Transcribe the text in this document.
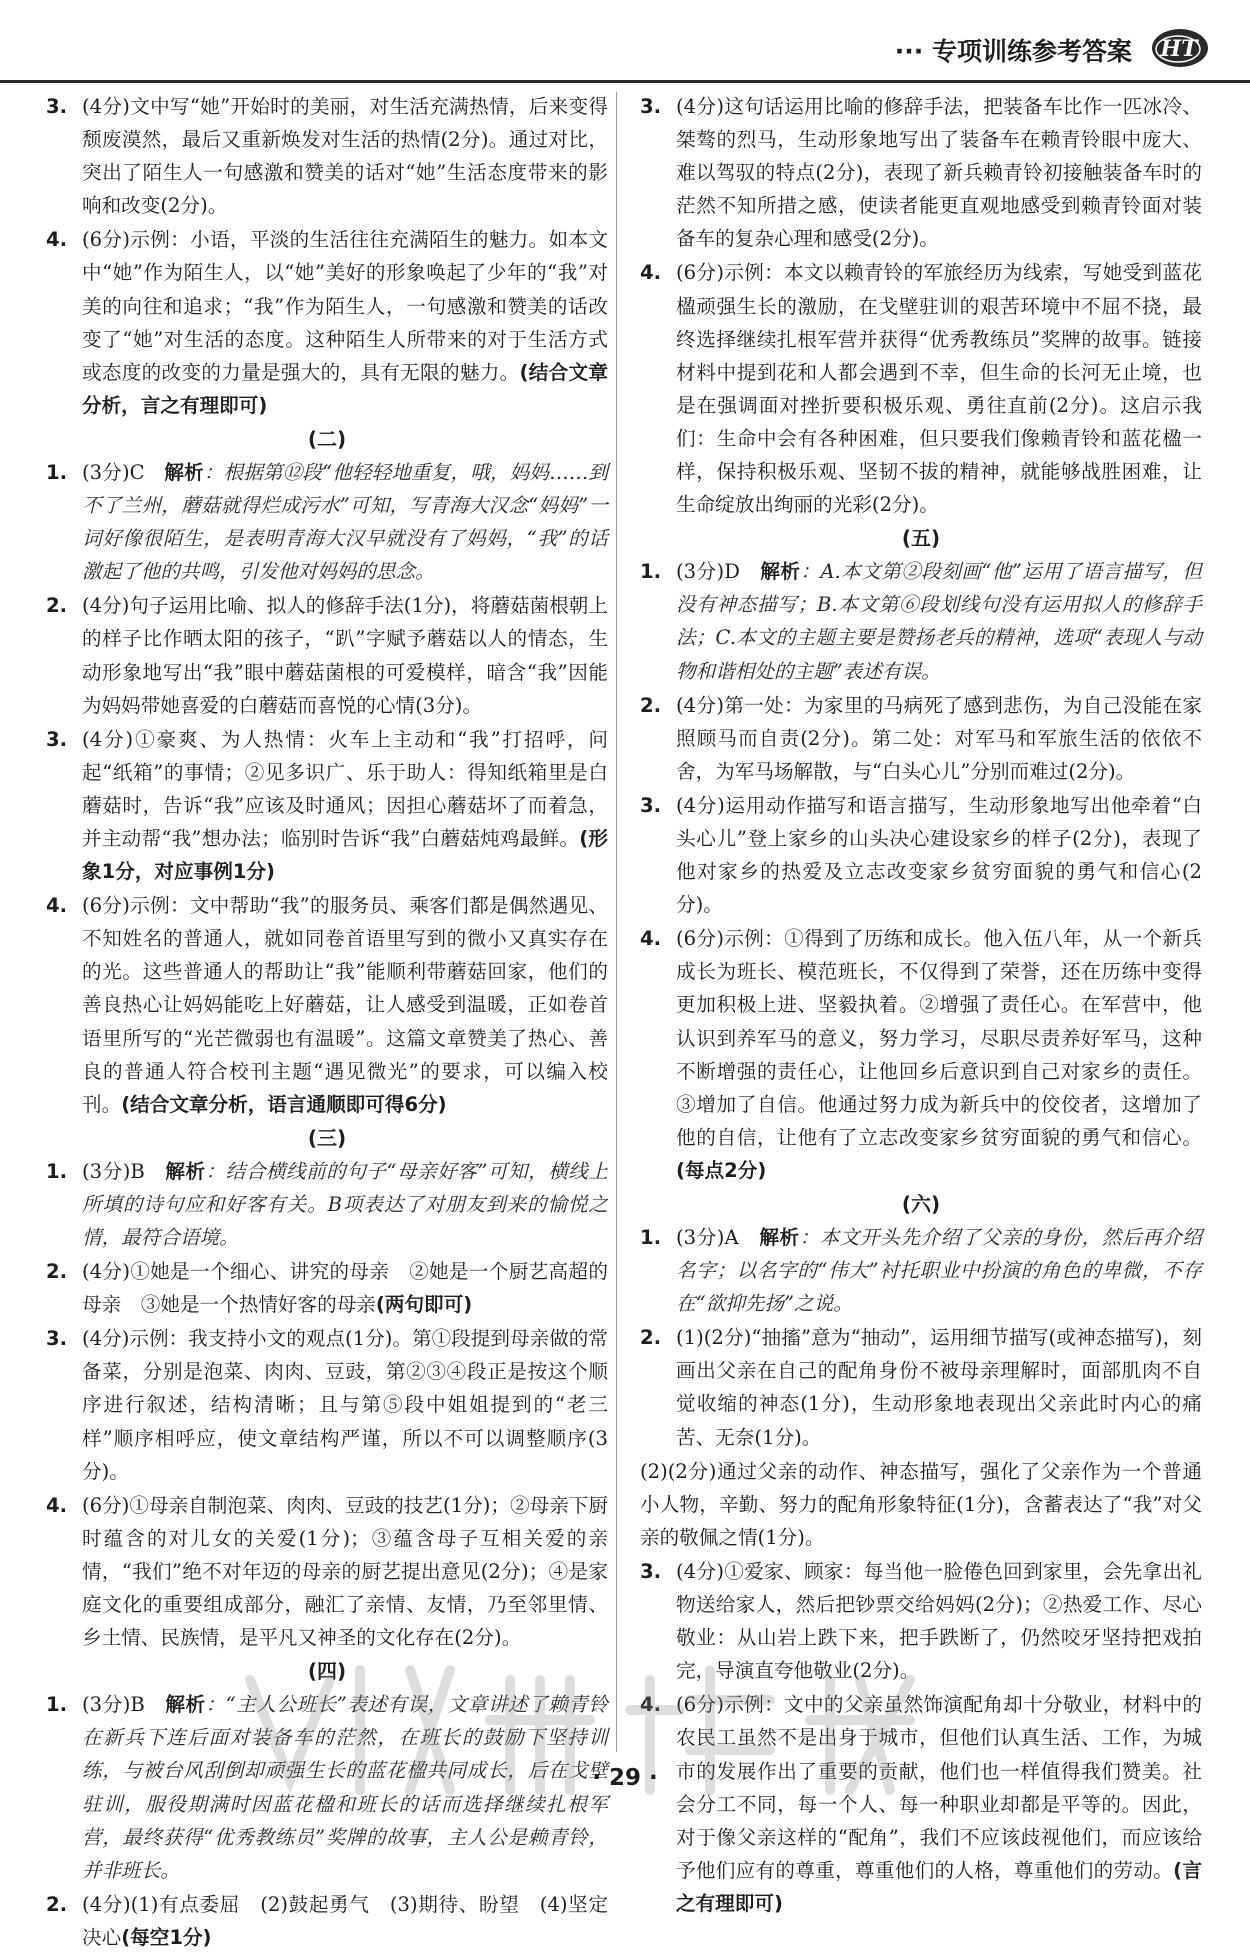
··· 专项训练参考答案 HT
3. (4分)文中写“她”开始时的美丽，对生活充满热情，后来变得颓废漠然，最后又重新焕发对生活的热情(2分)。通过对比，突出了陌生人一句感激和赞美的话对“她”生活态度带来的影响和改变(2分)。
4. (6分)示例：小语，平淡的生活往往充满陌生的魅力。如本文中“她”作为陌生人，以“她”美好的形象唤起了少年的“我”对美的向往和追求；“我”作为陌生人，一句感激和赞美的话改变了“她”对生活的态度。这种陌生人所带来的对于生活方式或态度的改变的力量是强大的，具有无限的魅力。(结合文章分析，言之有理即可)
(二)
1. (3分)C　解析：根据第⑫段“他轻轻地重复，哦，妈妈……到不了兰州，蘑菇就得烂成污水”可知，写青海大汉念“妈妈”一词好像很陌生，是表明青海大汉早就没有了妈妈，“我”的话激起了他的共鸣，引发他对妈妈的思念。
2. (4分)句子运用比喻、拟人的修辞手法(1分)，将蘑菇菌根朝上的样子比作晒太阳的孩子，“趴”字赋予蘑菇以人的情态，生动形象地写出“我”眼中蘑菇菌根的可爱模样，暗含“我”因能为妈妈带她喜爱的白蘑菇而喜悦的心情(3分)。
3. (4分)①豪爽、为人热情：火车上主动和“我”打招呼，问起“纸箱”的事情；②见多识广、乐于助人：得知纸箱里是白蘑菇时，告诉“我”应该及时通风；因担心蘑菇坏了而着急，并主动帮“我”想办法；临别时告诉“我”白蘑菇炖鸡最鲜。(形象1分，对应事例1分)
4. (6分)示例：文中帮助“我”的服务员、乘客们都是偶然遇见、不知姓名的普通人，就如同卷首语里写到的微小又真实存在的光。这些普通人的帮助让“我”能顺利带蘑菇回家，他们的善良热心让妈妈能吃上好蘑菇，让人感受到温暖，正如卷首语里所写的“光芒微弱也有温暖”。这篇文章赞美了热心、善良的普通人符合校刊主题“遇见微光”的要求，可以编入校刊。(结合文章分析，语言通顺即可得6分)
(三)
1. (3分)B　解析：结合横线前的句子“母亲好客”可知，横线上所填的诗句应和好客有关。B项表达了对朋友到来的愉悦之情，最符合语境。
2. (4分)①她是一个细心、讲究的母亲　②她是一个厨艺高超的母亲　③她是一个热情好客的母亲(两句即可)
3. (4分)示例：我支持小文的观点(1分)。第①段提到母亲做的常备菜，分别是泡菜、肉肉、豆豉，第②③④段正是按这个顺序进行叙述，结构清晰；且与第⑤段中姐姐提到的“老三样”顺序相呼应，使文章结构严谨，所以不可以调整顺序(3分)。
4. (6分)①母亲自制泡菜、肉肉、豆豉的技艺(1分)；②母亲下厨时蕴含的对儿女的关爱(1分)；③蕴含母子互相关爱的亲情，“我们”绝不对年迈的母亲的厨艺提出意见(2分)；④是家庭文化的重要组成部分，融汇了亲情、友情，乃至邻里情、乡土情、民族情，是平凡又神圣的文化存在(2分)。
(四)
1. (3分)B　解析：“主人公班长”表述有误，文章讲述了赖青铃在新兵下连后面对装备车的茫然，在班长的鼓励下坚持训练，与被台风刮倒却顽强生长的蓝花楹共同成长，后在戈壁驻训，服役期满时因蓝花楹和班长的话而选择继续扎根军营，最终获得“优秀教练员”奖牌的故事，主人公是赖青铃，并非班长。
2. (4分)(1)有点委屈　(2)鼓起勇气　(3)期待、盼望　(4)坚定决心(每空1分)
3. (4分)这句话运用比喻的修辞手法，把装备车比作一匹冰冷、桀骜的烈马，生动形象地写出了装备车在赖青铃眼中庞大、难以驾驭的特点(2分)，表现了新兵赖青铃初接触装备车时的茫然不知所措之感，使读者能更直观地感受到赖青铃面对装备车的复杂心理和感受(2分)。
4. (6分)示例：本文以赖青铃的军旅经历为线索，写她受到蓝花楹顽强生长的激励，在戈壁驻训的艰苦环境中不屈不挠，最终选择继续扎根军营并获得“优秀教练员”奖牌的故事。链接材料中提到花和人都会遇到不幸，但生命的长河无止境，也是在强调面对挫折要积极乐观、勇往直前(2分)。这启示我们：生命中会有各种困难，但只要我们像赖青铃和蓝花楹一样，保持积极乐观、坚韧不拔的精神，就能够战胜困难，让生命绽放出绚丽的光彩(2分)。
(五)
1. (3分)D　解析：A.本文第②段刻画“他”运用了语言描写，但没有神态描写；B.本文第⑥段划线句没有运用拟人的修辞手法；C.本文的主题主要是赞扬老兵的精神，选项“表现人与动物和谐相处的主题”表述有误。
2. (4分)第一处：为家里的马病死了感到悲伤，为自己没能在家照顾马而自责(2分)。第二处：对军马和军旅生活的依依不舍，为军马场解散，与“白头心儿”分别而难过(2分)。
3. (4分)运用动作描写和语言描写，生动形象地写出他牵着“白头心儿”登上家乡的山头决心建设家乡的样子(2分)，表现了他对家乡的热爱及立志改变家乡贫穷面貌的勇气和信心(2分)。
4. (6分)示例：①得到了历练和成长。他入伍八年，从一个新兵成长为班长、模范班长，不仅得到了荣誉，还在历练中变得更加积极上进、坚毅执着。②增强了责任心。在军营中，他认识到养军马的意义，努力学习，尽职尽责养好军马，这种不断增强的责任心，让他回乡后意识到自己对家乡的责任。③增加了自信。他通过努力成为新兵中的佼佼者，这增加了他的自信，让他有了立志改变家乡贫穷面貌的勇气和信心。(每点2分)
(六)
1. (3分)A　解析：本文开头先介绍了父亲的身份，然后再介绍名字；以名字的“伟大”衬托职业中扮演的角色的卑微，不存在“欲抑先扬”之说。
2. (1)(2分)“抽搐”意为“抽动”，运用细节描写(或神态描写)，刻画出父亲在自己的配角身份不被母亲理解时，面部肌肉不自觉收缩的神态(1分)，生动形象地表现出父亲此时内心的痛苦、无奈(1分)。
(2)(2分)通过父亲的动作、神态描写，强化了父亲作为一个普通小人物，辛勤、努力的配角形象特征(1分)，含蓄表达了“我”对父亲的敬佩之情(1分)。
3. (4分)①爱家、顾家：每当他一脸倦色回到家里，会先拿出礼物送给家人，然后把钞票交给妈妈(2分)；②热爱工作、尽心敬业：从山岩上跌下来，把手跌断了，仍然咬牙坚持把戏拍完，导演直夸他敬业(2分)。
4. (6分)示例：文中的父亲虽然饰演配角却十分敬业，材料中的农民工虽然不是出身于城市，但他们认真生活、工作，为城市的发展作出了重要的贡献，他们也一样值得我们赞美。社会分工不同，每一个人、每一种职业却都是平等的。因此，对于像父亲这样的“配角”，我们不应该歧视他们，而应该给予他们应有的尊重，尊重他们的人格，尊重他们的劳动。(言之有理即可)
· 29 ·
